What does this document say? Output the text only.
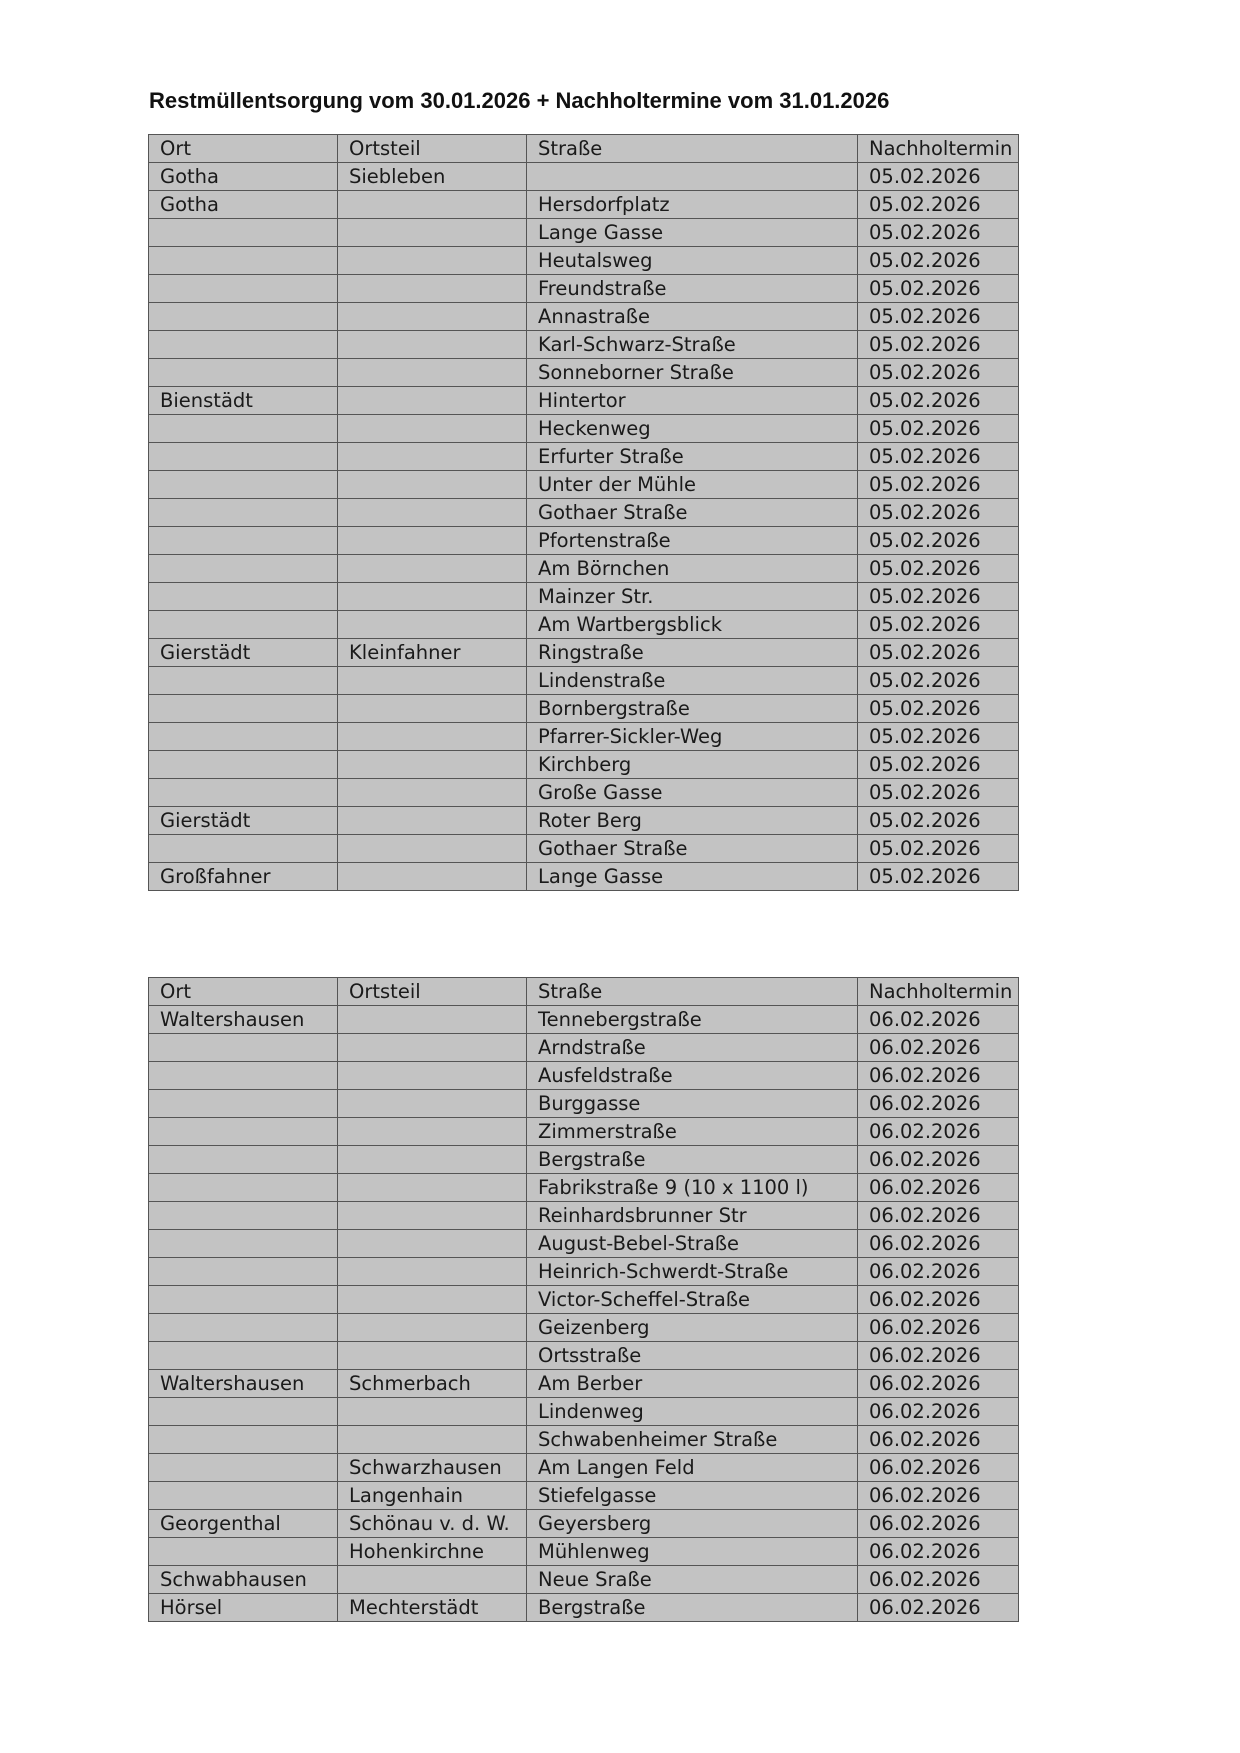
Restmüllentsorgung vom 30.01.2026 + Nachholtermine vom 31.01.2026
Ort	Ortsteil	Straße	Nachholtermin
Gotha	Siebleben		05.02.2026
Gotha		Hersdorfplatz	05.02.2026
		Lange Gasse	05.02.2026
		Heutalsweg	05.02.2026
		Freundstraße	05.02.2026
		Annastraße	05.02.2026
		Karl-Schwarz-Straße	05.02.2026
		Sonneborner Straße	05.02.2026
Bienstädt		Hintertor	05.02.2026
		Heckenweg	05.02.2026
		Erfurter Straße	05.02.2026
		Unter der Mühle	05.02.2026
		Gothaer Straße	05.02.2026
		Pfortenstraße	05.02.2026
		Am Börnchen	05.02.2026
		Mainzer Str.	05.02.2026
		Am Wartbergsblick	05.02.2026
Gierstädt	Kleinfahner	Ringstraße	05.02.2026
		Lindenstraße	05.02.2026
		Bornbergstraße	05.02.2026
		Pfarrer-Sickler-Weg	05.02.2026
		Kirchberg	05.02.2026
		Große Gasse	05.02.2026
Gierstädt		Roter Berg	05.02.2026
		Gothaer Straße	05.02.2026
Großfahner		Lange Gasse	05.02.2026
Ort	Ortsteil	Straße	Nachholtermin
Waltershausen		Tennebergstraße	06.02.2026
		Arndstraße	06.02.2026
		Ausfeldstraße	06.02.2026
		Burggasse	06.02.2026
		Zimmerstraße	06.02.2026
		Bergstraße	06.02.2026
		Fabrikstraße 9 (10 x 1100 l)	06.02.2026
		Reinhardsbrunner Str	06.02.2026
		August-Bebel-Straße	06.02.2026
		Heinrich-Schwerdt-Straße	06.02.2026
		Victor-Scheffel-Straße	06.02.2026
		Geizenberg	06.02.2026
		Ortsstraße	06.02.2026
Waltershausen	Schmerbach	Am Berber	06.02.2026
		Lindenweg	06.02.2026
		Schwabenheimer Straße	06.02.2026
	Schwarzhausen	Am Langen Feld	06.02.2026
	Langenhain	Stiefelgasse	06.02.2026
Georgenthal	Schönau v. d. W.	Geyersberg	06.02.2026
	Hohenkirchne	Mühlenweg	06.02.2026
Schwabhausen		Neue Sraße	06.02.2026
Hörsel	Mechterstädt	Bergstraße	06.02.2026
